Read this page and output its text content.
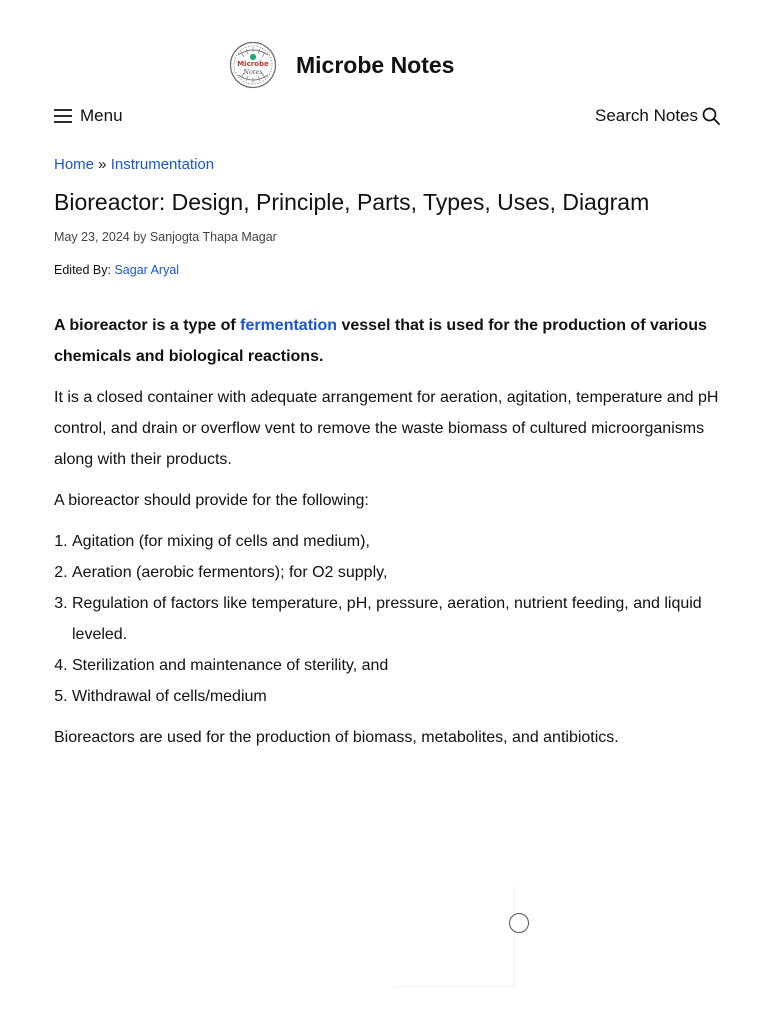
Microbe
Notes Microbe Notes
Menu	Search Notes
Home » Instrumentation
Bioreactor: Design, Principle, Parts, Types, Uses, Diagram
May 23, 2024 by Sanjogta Thapa Magar
Edited By: Sagar Aryal

A bioreactor is a type of fermentation vessel that is used for the production of various chemicals and biological reactions.

It is a closed container with adequate arrangement for aeration, agitation, temperature and pH control, and drain or overflow vent to remove the waste biomass of cultured microorganisms along with their products.

A bioreactor should provide for the following:

1. Agitation (for mixing of cells and medium),
2. Aeration (aerobic fermentors); for O2 supply,
3. Regulation of factors like temperature, pH, pressure, aeration, nutrient feeding, and liquid leveled.
4. Sterilization and maintenance of sterility, and
5. Withdrawal of cells/medium

Bioreactors are used for the production of biomass, metabolites, and antibiotics.
